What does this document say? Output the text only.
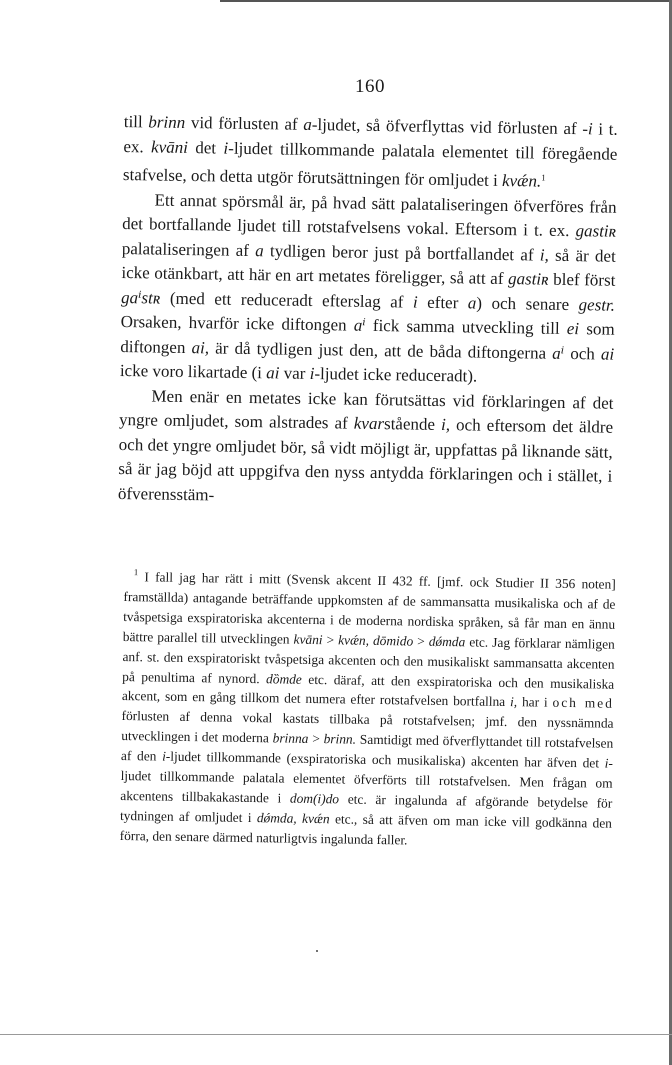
160

till brinn vid förlusten af a-ljudet, så öfverflyttas vid förlusten af -i i t. ex. kvāni det i-ljudet tillkommande palatala elementet till föregående stafvelse, och detta utgör förutsättningen för omljudet i kvǽn.$^1$

Ett annat spörsmål är, på hvad sätt palataliseringen öfverföres från det bortfallande ljudet till rotstafvelsens vokal. Eftersom i t. ex. gastiʀ palataliseringen af a tydligen beror just på bortfallandet af i, så är det icke otänkbart, att här en art metates föreligger, så att af gastiʀ blef först gaⁱstʀ (med ett reduceradt efterslag af i efter a) och senare gestr. Orsaken, hvarför icke diftongen aⁱ fick samma utveckling till ei som diftongen ai, är då tydligen just den, att de båda diftongerna aⁱ och ai icke voro likartade (i ai var i-ljudet icke reduceradt).

Men enär en metates icke kan förutsättas vid förklaringen af det yngre omljudet, som alstrades af kvarstående i, och eftersom det äldre och det yngre omljudet bör, så vidt möjligt är, uppfattas på liknande sätt, så är jag böjd att uppgifva den nyss antydda förklaringen och i stället, i öfverensstäm-

$^1$ I fall jag har rätt i mitt (Svensk akcent II 432 ff. [jmf. ock Studier II 356 noten] framställda) antagande beträffande uppkomsten af de sammansatta musikaliska och af de tvåspetsiga exspiratoriska akcenterna i de moderna nordiska språken, så får man en ännu bättre parallel till utvecklingen kvāni > kvǽn, dōmido > dǿmda etc. Jag förklarar nämligen anf. st. den exspiratoriskt tvåspetsiga akcenten och den musikaliskt sammansatta akcenten på penultima af nynord. dȍmde etc. däraf, att den exspiratoriska och den musikaliska akcent, som en gång tillkom det numera efter rotstafvelsen bortfallna i, har i och med förlusten af denna vokal kastats tillbaka på rotstafvelsen; jmf. den nyssnämnda utvecklingen i det moderna brinna > brinn. Samtidigt med öfverflyttandet till rotstafvelsen af den i-ljudet tillkommande (exspiratoriska och musikaliska) akcenten har äfven det i-ljudet tillkommande palatala elementet öfverförts till rotstafvelsen. Men frågan om akcentens tillbakakastande i dom(i)do etc. är ingalunda af afgörande betydelse för tydningen af omljudet i dǿmda, kvǽn etc., så att äfven om man icke vill godkänna den förra, den senare därmed naturligtvis ingalunda faller.
